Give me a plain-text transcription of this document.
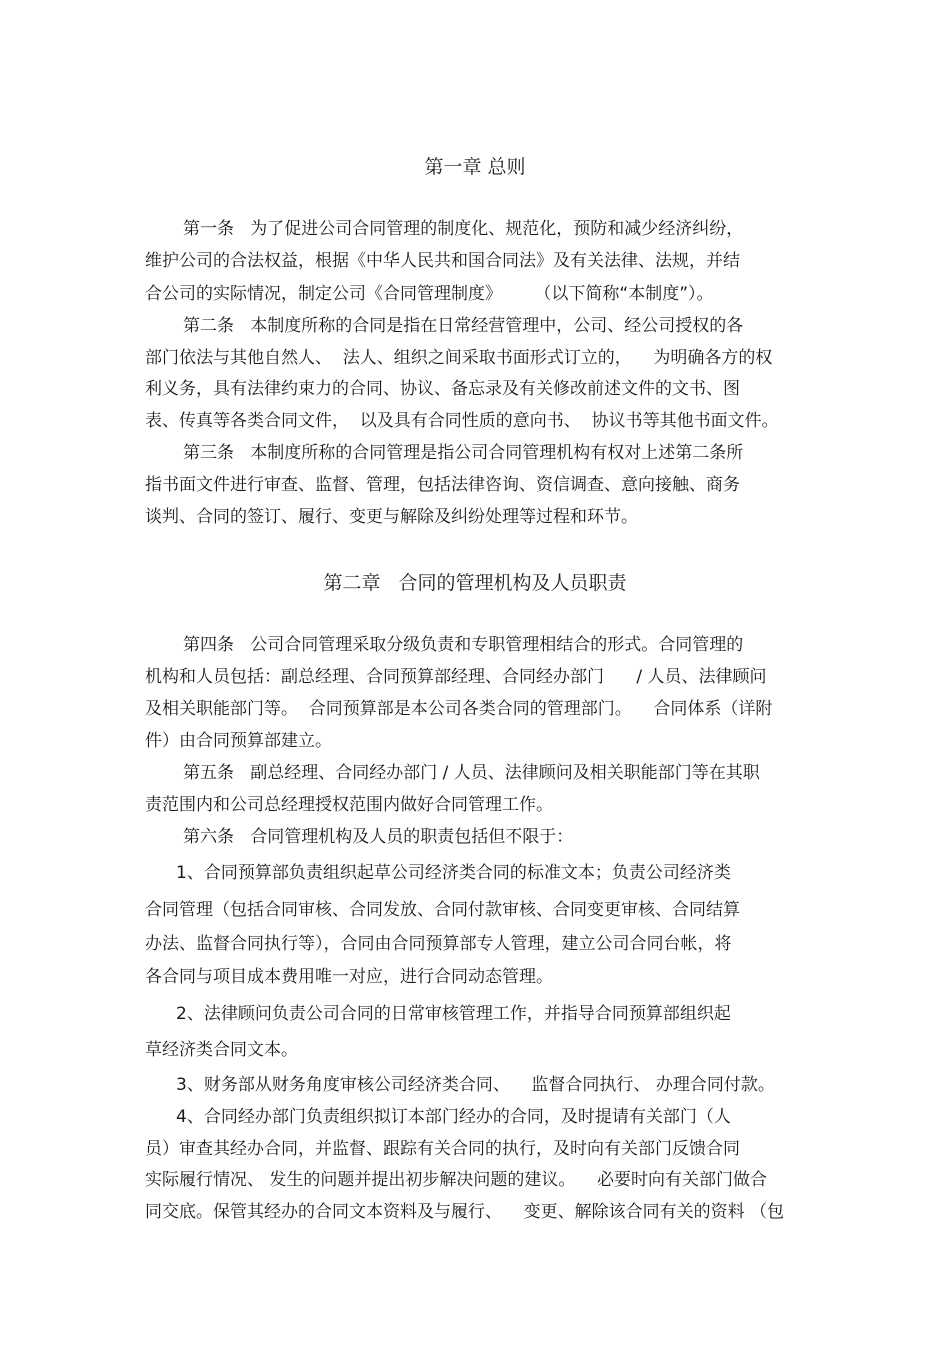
第一章 总则

第一条   为了促进公司合同管理的制度化、规范化，预防和减少经济纠纷，

维护公司的合法权益，根据《中华人民共和国合同法》及有关法律、法规，并结

合公司的实际情况，制定公司《合同管理制度》      （以下简称“本制度”）。

第二条   本制度所称的合同是指在日常经营管理中，公司、经公司授权的各

部门依法与其他自然人、  法人、组织之间采取书面形式订立的，    为明确各方的权

利义务，具有法律约束力的合同、协议、备忘录及有关修改前述文件的文书、图

表、传真等各类合同文件，  以及具有合同性质的意向书、  协议书等其他书面文件。

第三条   本制度所称的合同管理是指公司合同管理机构有权对上述第二条所

指书面文件进行审查、监督、管理，包括法律咨询、资信调查、意向接触、商务

谈判、合同的签订、履行、变更与解除及纠纷处理等过程和环节。

第二章   合同的管理机构及人员职责

第四条   公司合同管理采取分级负责和专职管理相结合的形式。合同管理的

机构和人员包括：副总经理、合同预算部经理、合同经办部门      / 人员、法律顾问

及相关职能部门等。  合同预算部是本公司各类合同的管理部门。    合同体系（详附

件）由合同预算部建立。

第五条   副总经理、合同经办部门 / 人员、法律顾问及相关职能部门等在其职

责范围内和公司总经理授权范围内做好合同管理工作。

第六条   合同管理机构及人员的职责包括但不限于：

1、合同预算部负责组织起草公司经济类合同的标准文本；负责公司经济类

合同管理（包括合同审核、合同发放、合同付款审核、合同变更审核、合同结算

办法、监督合同执行等），合同由合同预算部专人管理，建立公司合同台帐，将

各合同与项目成本费用唯一对应，进行合同动态管理。

2、法律顾问负责公司合同的日常审核管理工作，并指导合同预算部组织起

草经济类合同文本。

3、财务部从财务角度审核公司经济类合同、    监督合同执行、 办理合同付款。

4、合同经办部门负责组织拟订本部门经办的合同，及时提请有关部门（人

员）审查其经办合同，并监督、跟踪有关合同的执行，及时向有关部门反馈合同

实际履行情况、 发生的问题并提出初步解决问题的建议。    必要时向有关部门做合

同交底。保管其经办的合同文本资料及与履行、    变更、解除该合同有关的资料 （包
